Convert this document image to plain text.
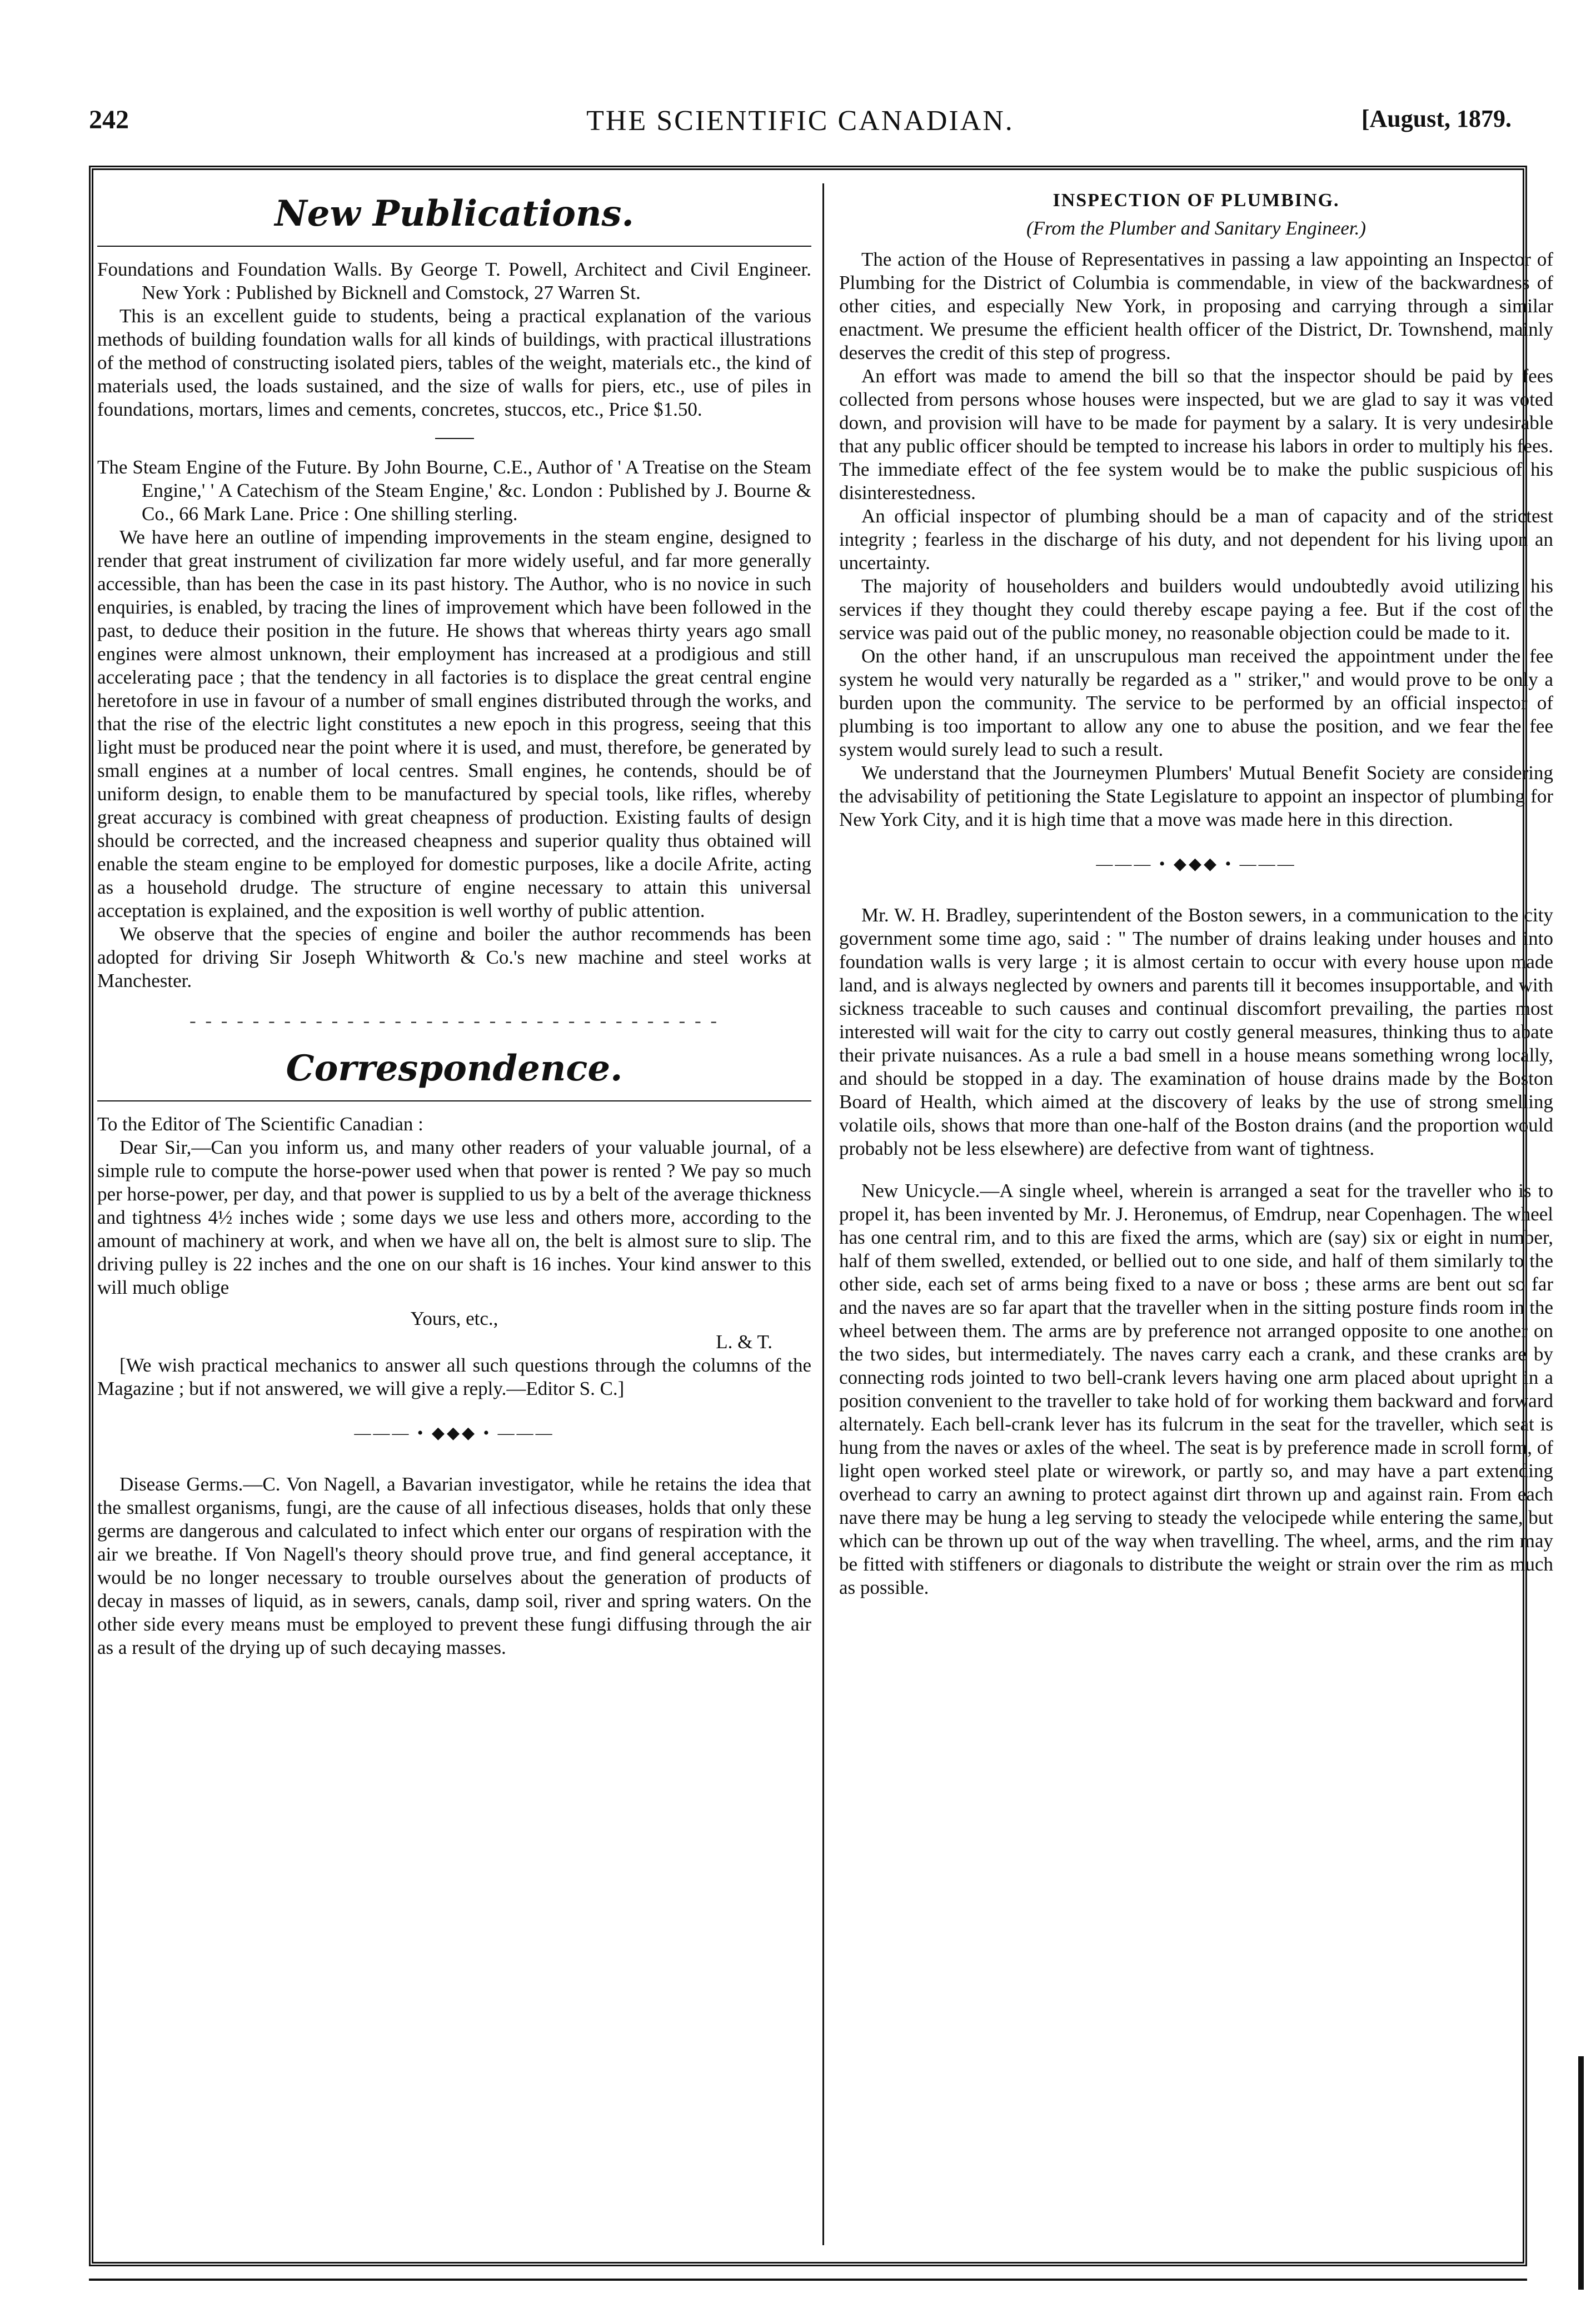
242	THE SCIENTIFIC CANADIAN.	[August, 1879.
New Publications.

Foundations and Foundation Walls. By George T. Powell, Architect and Civil Engineer. New York : Published by Bicknell and Comstock, 27 Warren St.

This is an excellent guide to students, being a practical explanation of the various methods of building foundation walls for all kinds of buildings, with practical illustrations of the method of constructing isolated piers, tables of the weight, materials etc., the kind of materials used, the loads sustained, and the size of walls for piers, etc., use of piles in foundations, mortars, limes and cements, concretes, stuccos, etc., Price $1.50.

The Steam Engine of the Future. By John Bourne, C.E., Author of ' A Treatise on the Steam Engine,' ' A Catechism of the Steam Engine,' &c. London : Published by J. Bourne & Co., 66 Mark Lane. Price : One shilling sterling.

We have here an outline of impending improvements in the steam engine, designed to render that great instrument of civilization far more widely useful, and far more generally accessible, than has been the case in its past history. The Author, who is no novice in such enquiries, is enabled, by tracing the lines of improvement which have been followed in the past, to deduce their position in the future. He shows that whereas thirty years ago small engines were almost unknown, their employment has increased at a prodigious and still accelerating pace ; that the tendency in all factories is to displace the great central engine heretofore in use in favour of a number of small engines distributed through the works, and that the rise of the electric light constitutes a new epoch in this progress, seeing that this light must be produced near the point where it is used, and must, therefore, be generated by small engines at a number of local centres. Small engines, he contends, should be of uniform design, to enable them to be manufactured by special tools, like rifles, whereby great accuracy is combined with great cheapness of production. Existing faults of design should be corrected, and the increased cheapness and superior quality thus obtained will enable the steam engine to be employed for domestic purposes, like a docile Afrite, acting as a household drudge. The structure of engine necessary to attain this universal acceptation is explained, and the exposition is well worthy of public attention.

We observe that the species of engine and boiler the author recommends has been adopted for driving Sir Joseph Whitworth & Co.'s new machine and steel works at Manchester.

- - - - - - - - - - - - - - - - - - - - - - - - - - - - - - - - - -
Correspondence.

To the Editor of The Scientific Canadian :

Dear Sir,—Can you inform us, and many other readers of your valuable journal, of a simple rule to compute the horse-power used when that power is rented ? We pay so much per horse-power, per day, and that power is supplied to us by a belt of the average thickness and tightness 4½ inches wide ; some days we use less and others more, according to the amount of machinery at work, and when we have all on, the belt is almost sure to slip. The driving pulley is 22 inches and the one on our shaft is 16 inches. Your kind answer to this will much oblige

Yours, etc.,
L. & T.

[We wish practical mechanics to answer all such questions through the columns of the Magazine ; but if not answered, we will give a reply.—Editor S. C.]

——— • ◆◆◆ • ———

Disease Germs.—C. Von Nagell, a Bavarian investigator, while he retains the idea that the smallest organisms, fungi, are the cause of all infectious diseases, holds that only these germs are dangerous and calculated to infect which enter our organs of respiration with the air we breathe. If Von Nagell's theory should prove true, and find general acceptance, it would be no longer necessary to trouble ourselves about the generation of products of decay in masses of liquid, as in sewers, canals, damp soil, river and spring waters. On the other side every means must be employed to prevent these fungi diffusing through the air as a result of the drying up of such decaying masses.

INSPECTION OF PLUMBING.
(From the Plumber and Sanitary Engineer.)

The action of the House of Representatives in passing a law appointing an Inspector of Plumbing for the District of Columbia is commendable, in view of the backwardness of other cities, and especially New York, in proposing and carrying through a similar enactment. We presume the efficient health officer of the District, Dr. Townshend, mainly deserves the credit of this step of progress.

An effort was made to amend the bill so that the inspector should be paid by fees collected from persons whose houses were inspected, but we are glad to say it was voted down, and provision will have to be made for payment by a salary. It is very undesirable that any public officer should be tempted to increase his labors in order to multiply his fees. The immediate effect of the fee system would be to make the public suspicious of his disinterestedness.

An official inspector of plumbing should be a man of capacity and of the strictest integrity ; fearless in the discharge of his duty, and not dependent for his living upon an uncertainty.

The majority of householders and builders would undoubtedly avoid utilizing his services if they thought they could thereby escape paying a fee. But if the cost of the service was paid out of the public money, no reasonable objection could be made to it.

On the other hand, if an unscrupulous man received the appointment under the fee system he would very naturally be regarded as a " striker," and would prove to be only a burden upon the community. The service to be performed by an official inspector of plumbing is too important to allow any one to abuse the position, and we fear the fee system would surely lead to such a result.

We understand that the Journeymen Plumbers' Mutual Benefit Society are considering the advisability of petitioning the State Legislature to appoint an inspector of plumbing for New York City, and it is high time that a move was made here in this direction.

——— • ◆◆◆ • ———

Mr. W. H. Bradley, superintendent of the Boston sewers, in a communication to the city government some time ago, said : " The number of drains leaking under houses and into foundation walls is very large ; it is almost certain to occur with every house upon made land, and is always neglected by owners and parents till it becomes insupportable, and with sickness traceable to such causes and continual discomfort prevailing, the parties most interested will wait for the city to carry out costly general measures, thinking thus to abate their private nuisances. As a rule a bad smell in a house means something wrong locally, and should be stopped in a day. The examination of house drains made by the Boston Board of Health, which aimed at the discovery of leaks by the use of strong smelling volatile oils, shows that more than one-half of the Boston drains (and the proportion would probably not be less elsewhere) are defective from want of tightness.

New Unicycle.—A single wheel, wherein is arranged a seat for the traveller who is to propel it, has been invented by Mr. J. Heronemus, of Emdrup, near Copenhagen. The wheel has one central rim, and to this are fixed the arms, which are (say) six or eight in number, half of them swelled, extended, or bellied out to one side, and half of them similarly to the other side, each set of arms being fixed to a nave or boss ; these arms are bent out so far and the naves are so far apart that the traveller when in the sitting posture finds room in the wheel between them. The arms are by preference not arranged opposite to one another on the two sides, but intermediately. The naves carry each a crank, and these cranks are by connecting rods jointed to two bell-crank levers having one arm placed about upright in a position convenient to the traveller to take hold of for working them backward and forward alternately. Each bell-crank lever has its fulcrum in the seat for the traveller, which seat is hung from the naves or axles of the wheel. The seat is by preference made in scroll form, of light open worked steel plate or wirework, or partly so, and may have a part extending overhead to carry an awning to protect against dirt thrown up and against rain. From each nave there may be hung a leg serving to steady the velocipede while entering the same, but which can be thrown up out of the way when travelling. The wheel, arms, and the rim may be fitted with stiffeners or diagonals to distribute the weight or strain over the rim as much as possible.
